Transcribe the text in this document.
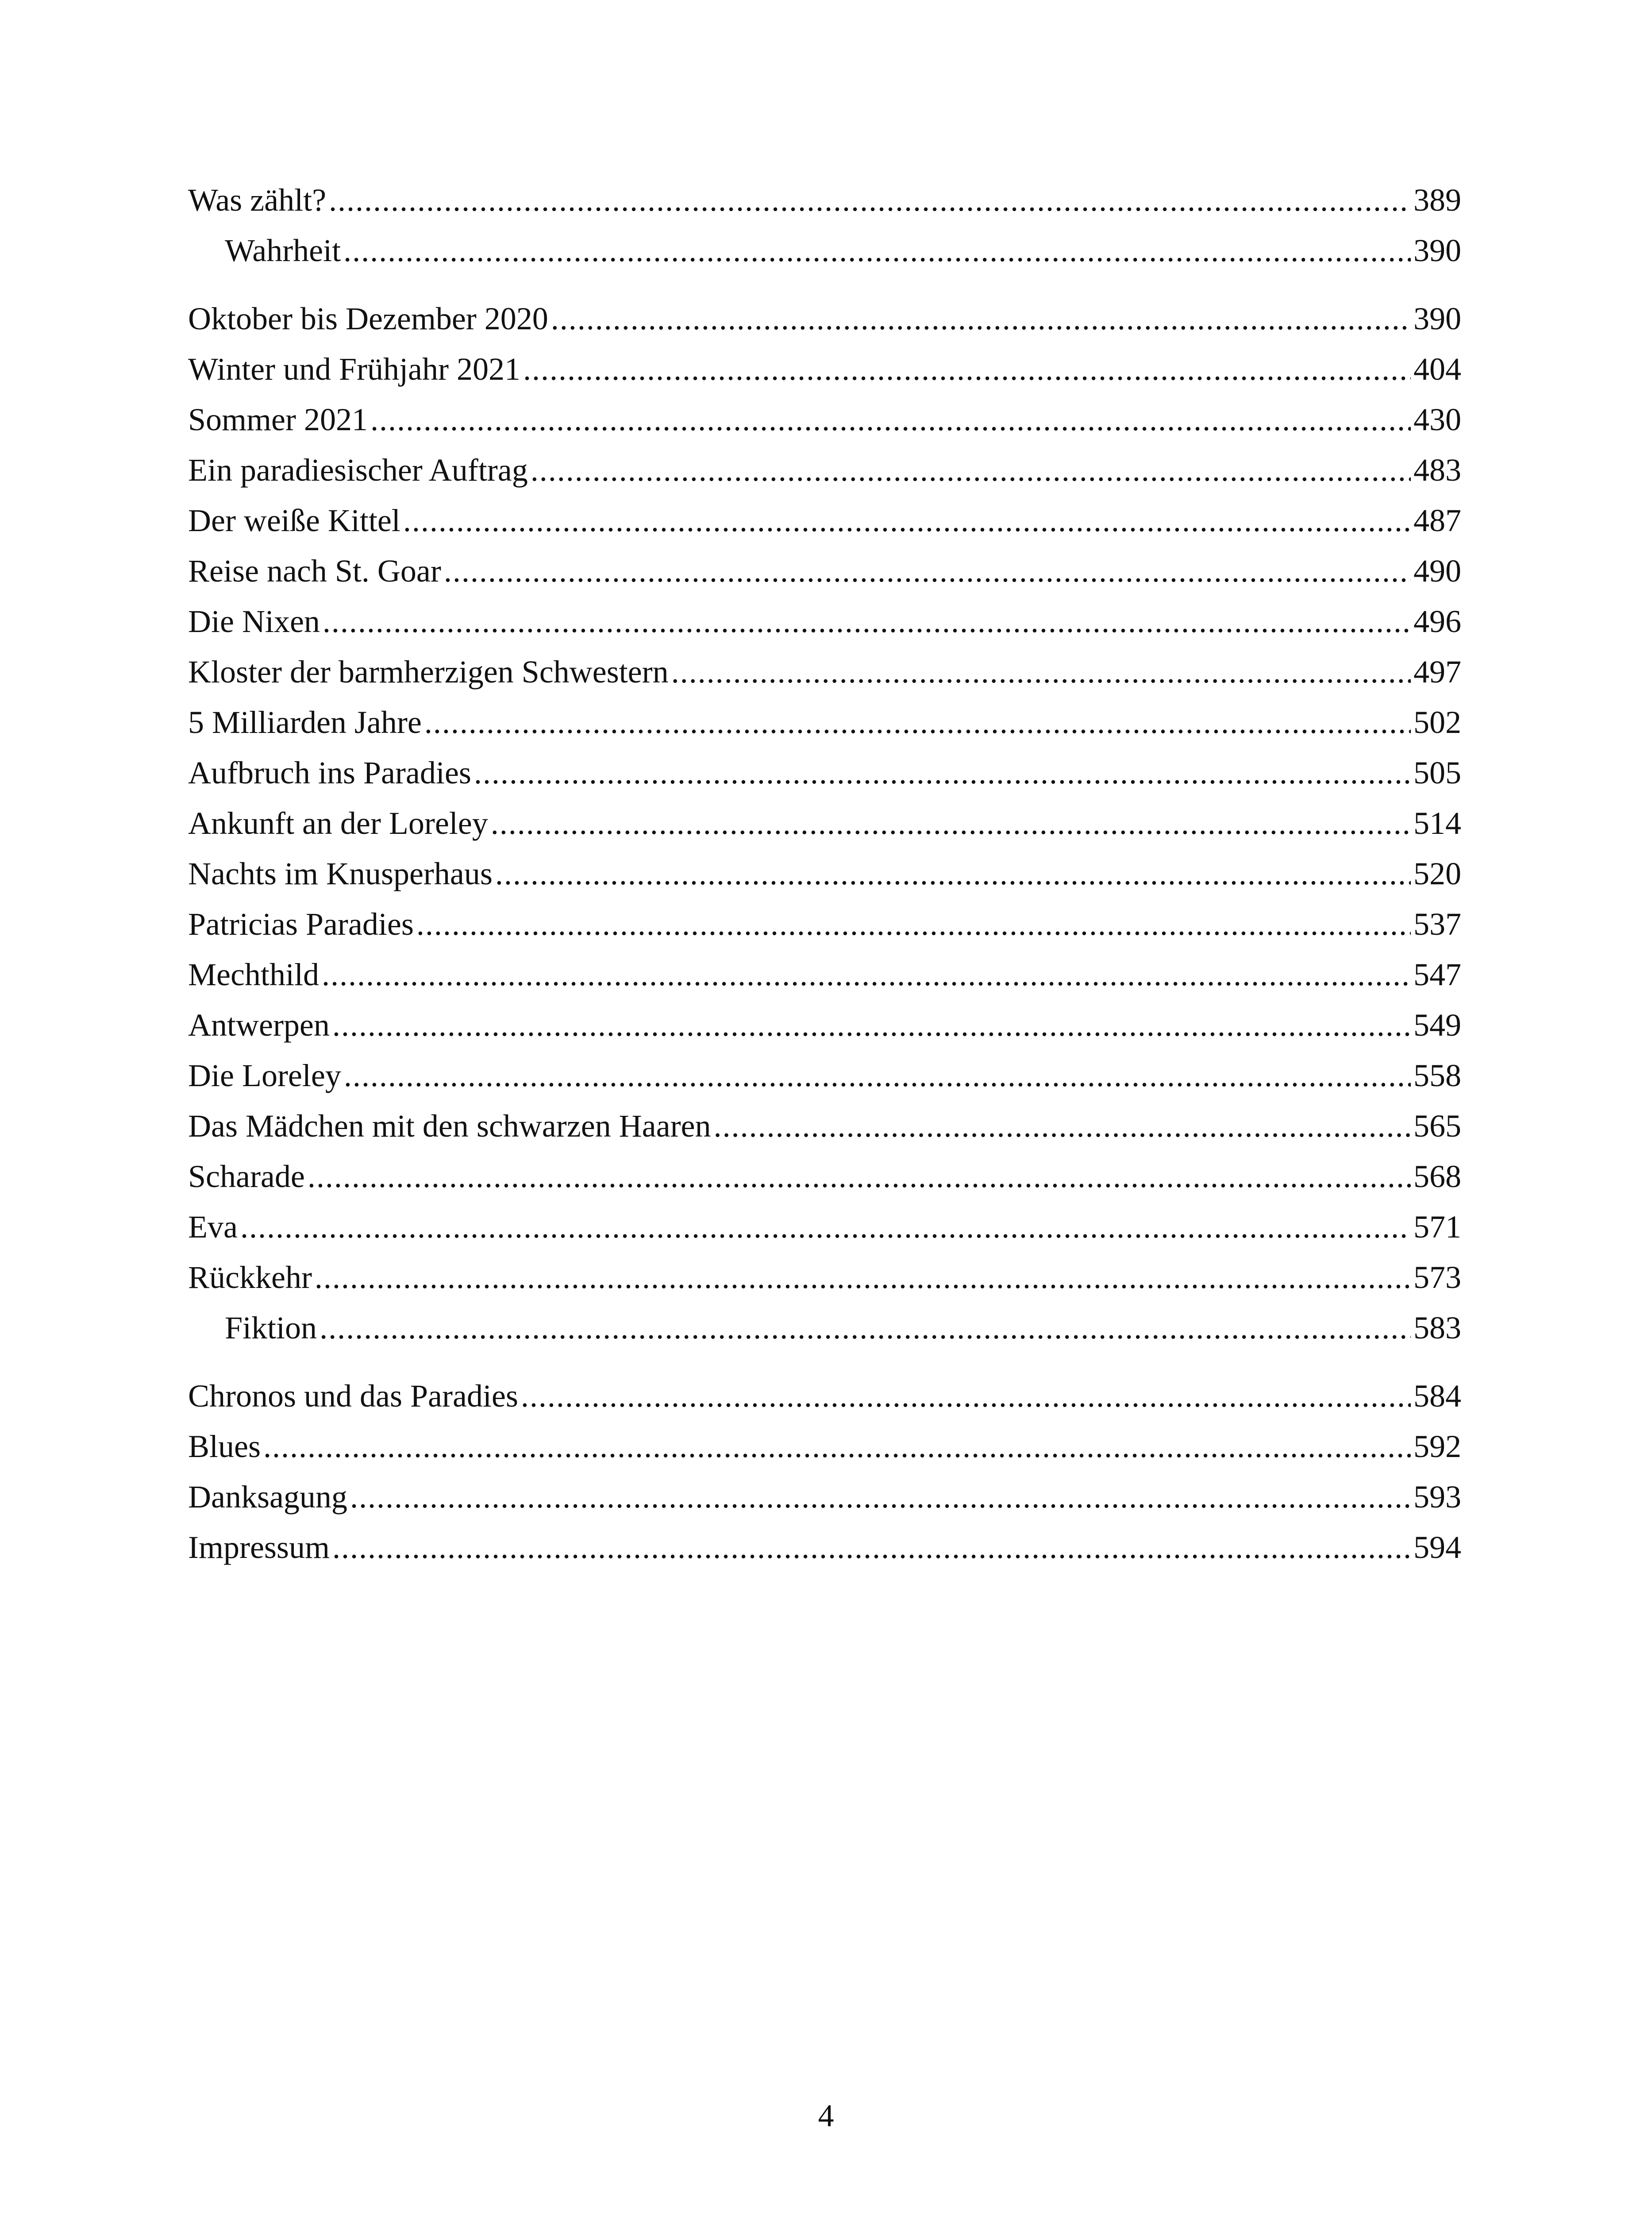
Was zählt? .....	389
Wahrheit .....	390
Oktober bis Dezember 2020 .....	390
Winter und Frühjahr 2021 .....	404
Sommer 2021 .....	430
Ein paradiesischer Auftrag .....	483
Der weiße Kittel .....	487
Reise nach St. Goar .....	490
Die Nixen .....	496
Kloster der barmherzigen Schwestern .....	497
5 Milliarden Jahre .....	502
Aufbruch ins Paradies .....	505
Ankunft an der Loreley .....	514
Nachts im Knusperhaus .....	520
Patricias Paradies .....	537
Mechthild .....	547
Antwerpen .....	549
Die Loreley .....	558
Das Mädchen mit den schwarzen Haaren .....	565
Scharade .....	568
Eva .....	571
Rückkehr .....	573
Fiktion .....	583
Chronos und das Paradies .....	584
Blues .....	592
Danksagung .....	593
Impressum .....	594
4
